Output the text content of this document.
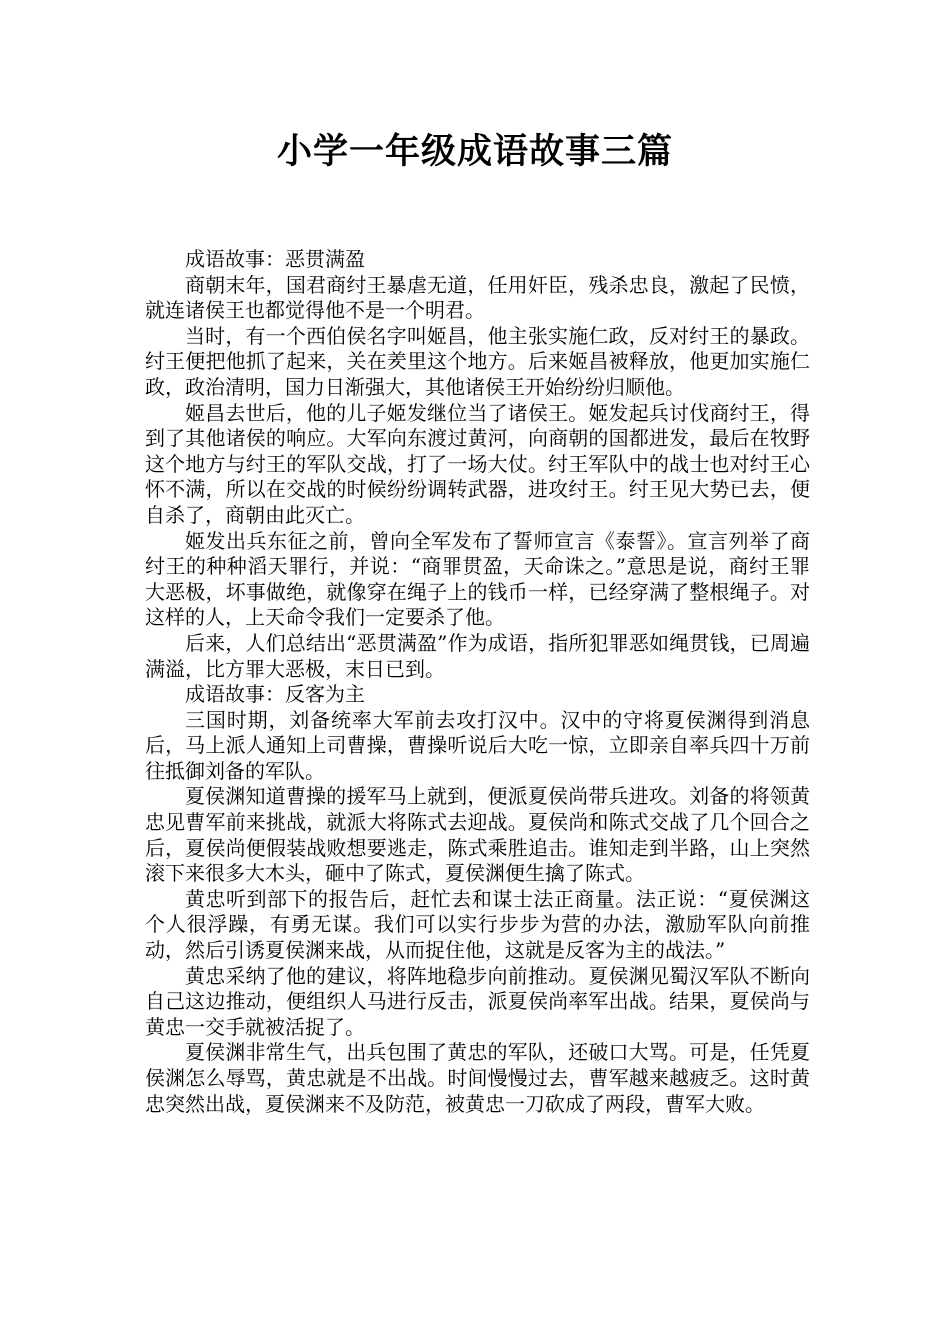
小学一年级成语故事三篇

成语故事：恶贯满盈

商朝末年，国君商纣王暴虐无道，任用奸臣，残杀忠良，激起了民愤，就连诸侯王也都觉得他不是一个明君。

当时，有一个西伯侯名字叫姬昌，他主张实施仁政，反对纣王的暴政。纣王便把他抓了起来，关在羑里这个地方。后来姬昌被释放，他更加实施仁政，政治清明，国力日渐强大，其他诸侯王开始纷纷归顺他。

姬昌去世后，他的儿子姬发继位当了诸侯王。姬发起兵讨伐商纣王，得到了其他诸侯的响应。大军向东渡过黄河，向商朝的国都进发，最后在牧野这个地方与纣王的军队交战，打了一场大仗。纣王军队中的战士也对纣王心怀不满，所以在交战的时候纷纷调转武器，进攻纣王。纣王见大势已去，便自杀了，商朝由此灭亡。

姬发出兵东征之前，曾向全军发布了誓师宣言《泰誓》。宣言列举了商纣王的种种滔天罪行，并说：“商罪贯盈，天命诛之。”意思是说，商纣王罪大恶极，坏事做绝，就像穿在绳子上的钱币一样，已经穿满了整根绳子。对这样的人，上天命令我们一定要杀了他。

后来，人们总结出“恶贯满盈”作为成语，指所犯罪恶如绳贯钱，已周遍满溢，比方罪大恶极，末日已到。

成语故事：反客为主

三国时期，刘备统率大军前去攻打汉中。汉中的守将夏侯渊得到消息后，马上派人通知上司曹操，曹操听说后大吃一惊，立即亲自率兵四十万前往抵御刘备的军队。

夏侯渊知道曹操的援军马上就到，便派夏侯尚带兵进攻。刘备的将领黄忠见曹军前来挑战，就派大将陈式去迎战。夏侯尚和陈式交战了几个回合之后，夏侯尚便假装战败想要逃走，陈式乘胜追击。谁知走到半路，山上突然滚下来很多大木头，砸中了陈式，夏侯渊便生擒了陈式。

黄忠听到部下的报告后，赶忙去和谋士法正商量。法正说：“夏侯渊这个人很浮躁，有勇无谋。我们可以实行步步为营的办法，激励军队向前推动，然后引诱夏侯渊来战，从而捉住他，这就是反客为主的战法。”

黄忠采纳了他的建议，将阵地稳步向前推动。夏侯渊见蜀汉军队不断向自己这边推动，便组织人马进行反击，派夏侯尚率军出战。结果，夏侯尚与黄忠一交手就被活捉了。

夏侯渊非常生气，出兵包围了黄忠的军队，还破口大骂。可是，任凭夏侯渊怎么辱骂，黄忠就是不出战。时间慢慢过去，曹军越来越疲乏。这时黄忠突然出战，夏侯渊来不及防范，被黄忠一刀砍成了两段，曹军大败。
